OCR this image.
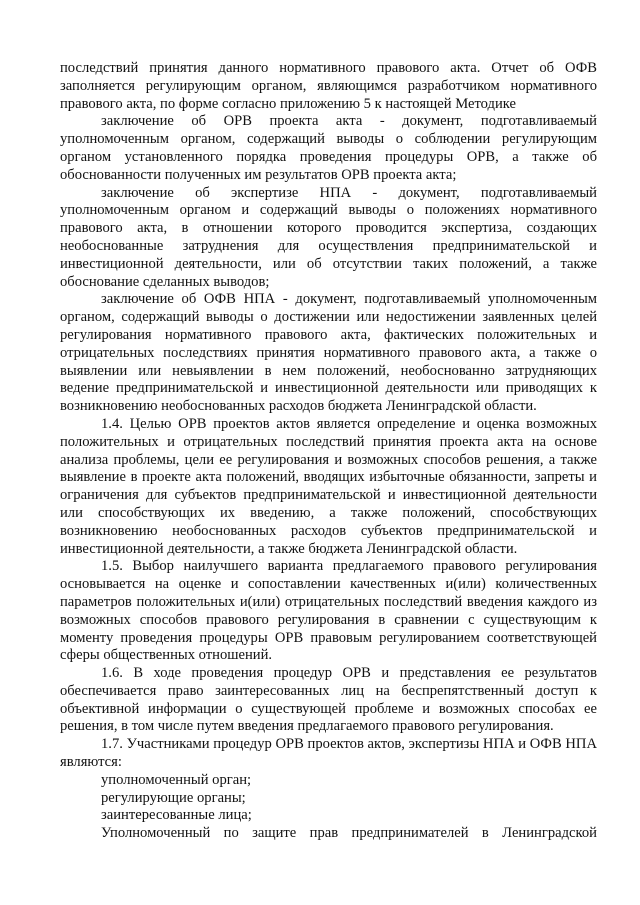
последствий принятия данного нормативного правового акта. Отчет об ОФВ заполняется регулирующим органом, являющимся разработчиком нормативного правового акта, по форме согласно приложению 5 к настоящей Методике

заключение об ОРВ проекта акта - документ, подготавливаемый уполномоченным органом, содержащий выводы о соблюдении регулирующим органом установленного порядка проведения процедуры ОРВ, а также об обоснованности полученных им результатов ОРВ проекта акта;

заключение об экспертизе НПА - документ, подготавливаемый уполномоченным органом и содержащий выводы о положениях нормативного правового акта, в отношении которого проводится экспертиза, создающих необоснованные затруднения для осуществления предпринимательской и инвестиционной деятельности, или об отсутствии таких положений, а также обоснование сделанных выводов;

заключение об ОФВ НПА - документ, подготавливаемый уполномоченным органом, содержащий выводы о достижении или недостижении заявленных целей регулирования нормативного правового акта, фактических положительных и отрицательных последствиях принятия нормативного правового акта, а также о выявлении или невыявлении в нем положений, необоснованно затрудняющих ведение предпринимательской и инвестиционной деятельности или приводящих к возникновению необоснованных расходов бюджета Ленинградской области.

1.4. Целью ОРВ проектов актов является определение и оценка возможных положительных и отрицательных последствий принятия проекта акта на основе анализа проблемы, цели ее регулирования и возможных способов решения, а также выявление в проекте акта положений, вводящих избыточные обязанности, запреты и ограничения для субъектов предпринимательской и инвестиционной деятельности или способствующих их введению, а также положений, способствующих возникновению необоснованных расходов субъектов предпринимательской и инвестиционной деятельности, а также бюджета Ленинградской области.

1.5. Выбор наилучшего варианта предлагаемого правового регулирования основывается на оценке и сопоставлении качественных и(или) количественных параметров положительных и(или) отрицательных последствий введения каждого из возможных способов правового регулирования в сравнении с существующим к моменту проведения процедуры ОРВ правовым регулированием соответствующей сферы общественных отношений.

1.6. В ходе проведения процедур ОРВ и представления ее результатов обеспечивается право заинтересованных лиц на беспрепятственный доступ к объективной информации о существующей проблеме и возможных способах ее решения, в том числе путем введения предлагаемого правового регулирования.

1.7. Участниками процедур ОРВ проектов актов, экспертизы НПА и ОФВ НПА являются:

уполномоченный орган;

регулирующие органы;

заинтересованные лица;

Уполномоченный по защите прав предпринимателей в Ленинградской
